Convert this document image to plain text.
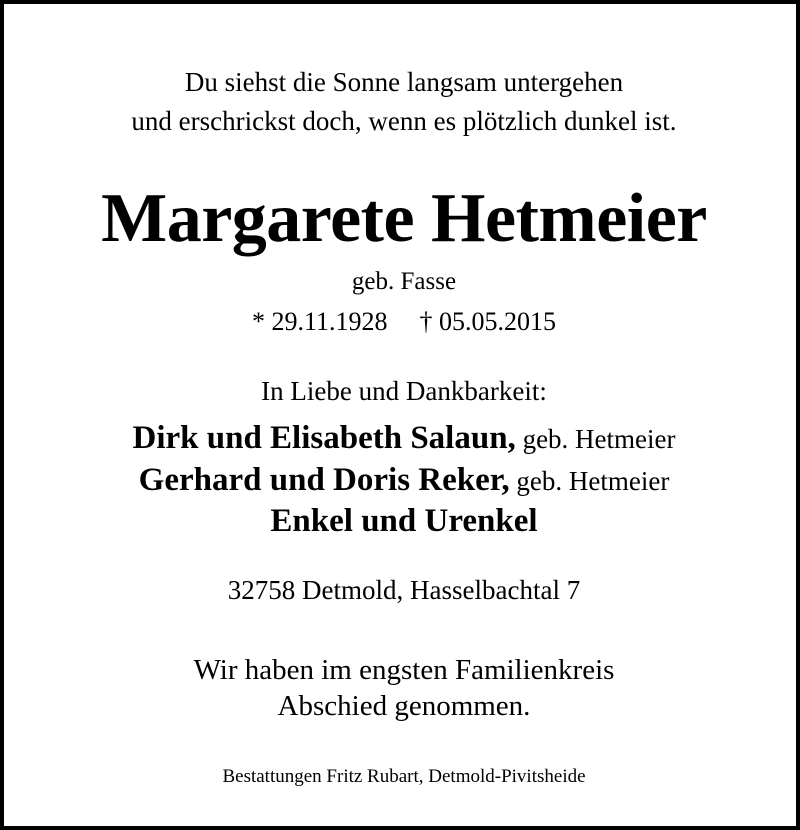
Du siehst die Sonne langsam untergehen
und erschrickst doch, wenn es plötzlich dunkel ist.
Margarete Hetmeier
geb. Fasse
* 29.11.1928 † 05.05.2015
In Liebe und Dankbarkeit:
Dirk und Elisabeth Salaun, geb. Hetmeier
Gerhard und Doris Reker, geb. Hetmeier
Enkel und Urenkel
32758 Detmold, Hasselbachtal 7
Wir haben im engsten Familienkreis
Abschied genommen.
Bestattungen Fritz Rubart, Detmold-Pivitsheide
